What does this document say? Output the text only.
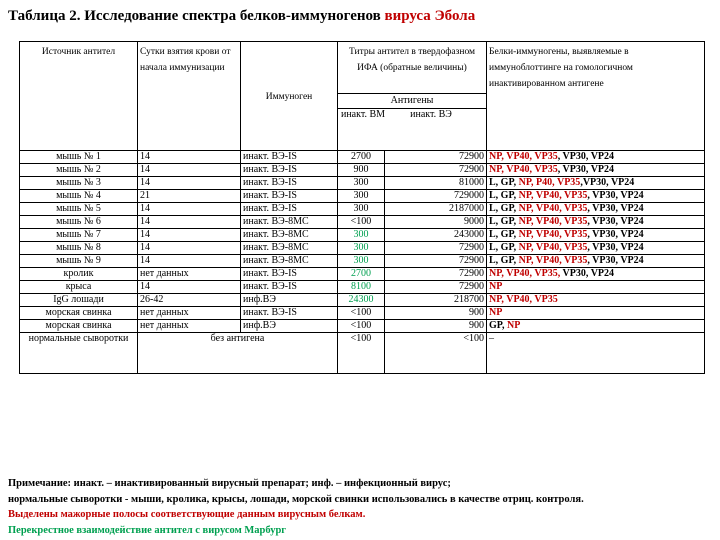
Таблица 2. Исследование спектра белков-иммуногенов вируса Эбола
Источник антител	Сутки взятия крови от начала иммунизации	Иммуноген	Титры антител в твердофазном ИФА (обратные величины)		Белки-иммуногены, выявляемые в иммуноблоттинге на гомологичном инактивированном антигене
			Антигены		
			инакт. ВМ инакт. ВЭ		
мышь № 1	14	инакт. ВЭ-IS	2700	72900	NP, VP40, VP35, VP30, VP24
мышь № 2	14	инакт. ВЭ-IS	900	72900	NP, VP40, VP35, VP30, VP24
мышь № 3	14	инакт. ВЭ-IS	300	81000	L, GP, NP, P40, VP35,VP30, VP24
мышь № 4	21	инакт. ВЭ-IS	300	729000	L, GP, NP, VP40, VP35, VP30, VP24
мышь № 5	14	инакт. ВЭ-IS	300	2187000	L, GP, NP, VP40, VP35, VP30, VP24
мышь № 6	14	инакт. ВЭ-8МС	<100	9000	L, GP, NP, VP40, VP35, VP30, VP24
мышь № 7	14	инакт. ВЭ-8МС	300	243000	L, GP, NP, VP40, VP35, VP30, VP24
мышь № 8	14	инакт. ВЭ-8МС	300	72900	L, GP, NP, VP40, VP35, VP30, VP24
мышь № 9	14	инакт. ВЭ-8МС	300	72900	L, GP, NP, VP40, VP35, VP30, VP24
кролик	нет данных	инакт. ВЭ-IS	2700	72900	NP, VP40, VP35, VP30, VP24
крыса	14	инакт. ВЭ-IS	8100	72900	NP
IgG лошади	26-42	инф.ВЭ	24300	218700	NP, VP40, VP35
морская свинка	нет данных	инакт. ВЭ-IS	<100	900	NP
морская свинка	нет данных	инф.ВЭ	<100	900	GP, NP
нормальные сыворотки	без антигена		<100	<100	–
Примечание: инакт. – инактивированный вирусный препарат; инф. – инфекционный вирус;
нормальные сыворотки - мыши, кролика, крысы, лошади, морской свинки использовались в качестве отриц. контроля.
Выделены мажорные полосы соответствующие данным вирусным белкам.
Перекрестное взаимодействие антител с вирусом Марбург
